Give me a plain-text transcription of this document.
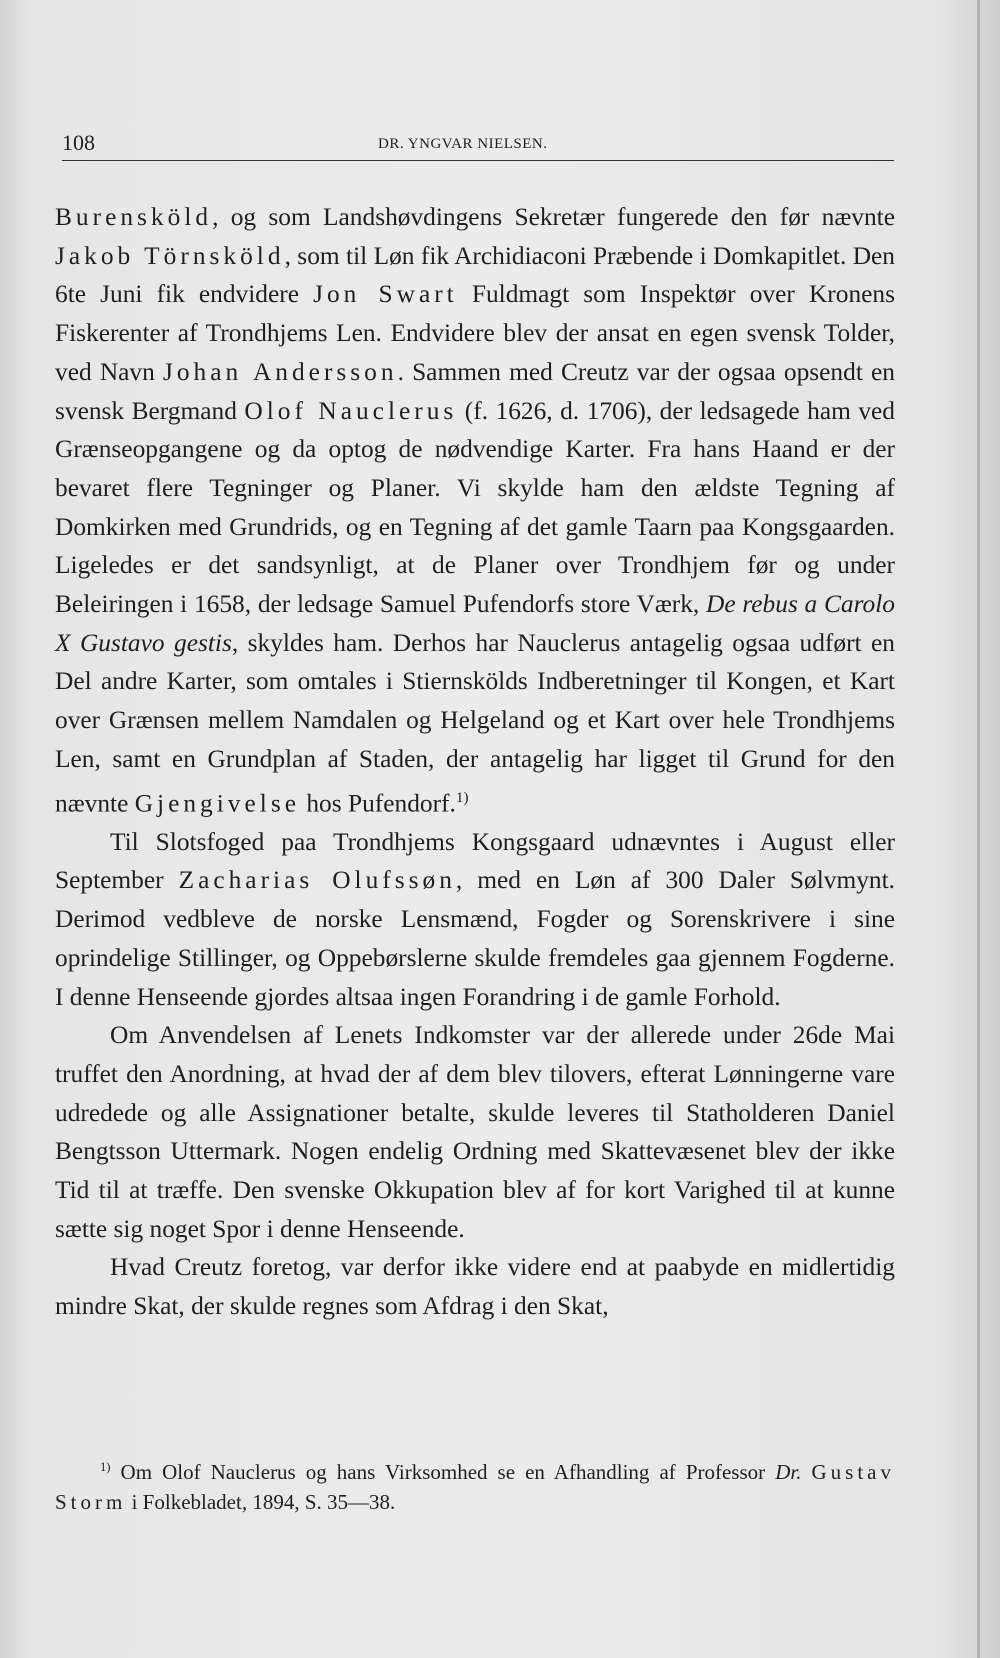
108	DR. YNGVAR NIELSEN.

Burensköld, og som Landshøvdingens Sekretær fungerede den før nævnte Jakob Törnsköld, som til Løn fik Archidiaconi Præbende i Domkapitlet. Den 6te Juni fik endvidere Jon Swart Fuldmagt som Inspektør over Kronens Fiskerenter af Trondhjems Len. Endvidere blev der ansat en egen svensk Tolder, ved Navn Johan Andersson. Sammen med Creutz var der ogsaa opsendt en svensk Bergmand Olof Nauclerus (f. 1626, d. 1706), der ledsagede ham ved Grænseopgangene og da optog de nødvendige Karter. Fra hans Haand er der bevaret flere Tegninger og Planer. Vi skylde ham den ældste Tegning af Domkirken med Grundrids, og en Tegning af det gamle Taarn paa Kongsgaarden. Ligeledes er det sandsynligt, at de Planer over Trondhjem før og under Beleiringen i 1658, der ledsage Samuel Pufendorfs store Værk, De rebus a Carolo X Gustavo gestis, skyldes ham. Derhos har Nauclerus antagelig ogsaa udført en Del andre Karter, som omtales i Stiernskölds Indberetninger til Kongen, et Kart over Grænsen mellem Namdalen og Helgeland og et Kart over hele Trondhjems Len, samt en Grundplan af Staden, der antagelig har ligget til Grund for den nævnte Gjengivelse hos Pufendorf.$^{1)}$

Til Slotsfoged paa Trondhjems Kongsgaard udnævntes i August eller September Zacharias Olufssøn, med en Løn af 300 Daler Sølvmynt. Derimod vedbleve de norske Lensmænd, Fogder og Sorenskrivere i sine oprindelige Stillinger, og Oppebørslerne skulde fremdeles gaa gjennem Fogderne. I denne Henseende gjordes altsaa ingen Forandring i de gamle Forhold.

Om Anvendelsen af Lenets Indkomster var der allerede under 26de Mai truffet den Anordning, at hvad der af dem blev tilovers, efterat Lønningerne vare udredede og alle Assignationer betalte, skulde leveres til Statholderen Daniel Bengtsson Uttermark. Nogen endelig Ordning med Skattevæsenet blev der ikke Tid til at træffe. Den svenske Okkupation blev af for kort Varighed til at kunne sætte sig noget Spor i denne Henseende.

Hvad Creutz foretog, var derfor ikke videre end at paabyde en midlertidig mindre Skat, der skulde regnes som Afdrag i den Skat,

$^{1)}$ Om Olof Nauclerus og hans Virksomhed se en Afhandling af Professor Dr. Gustav Storm i Folkebladet, 1894, S. 35—38.
